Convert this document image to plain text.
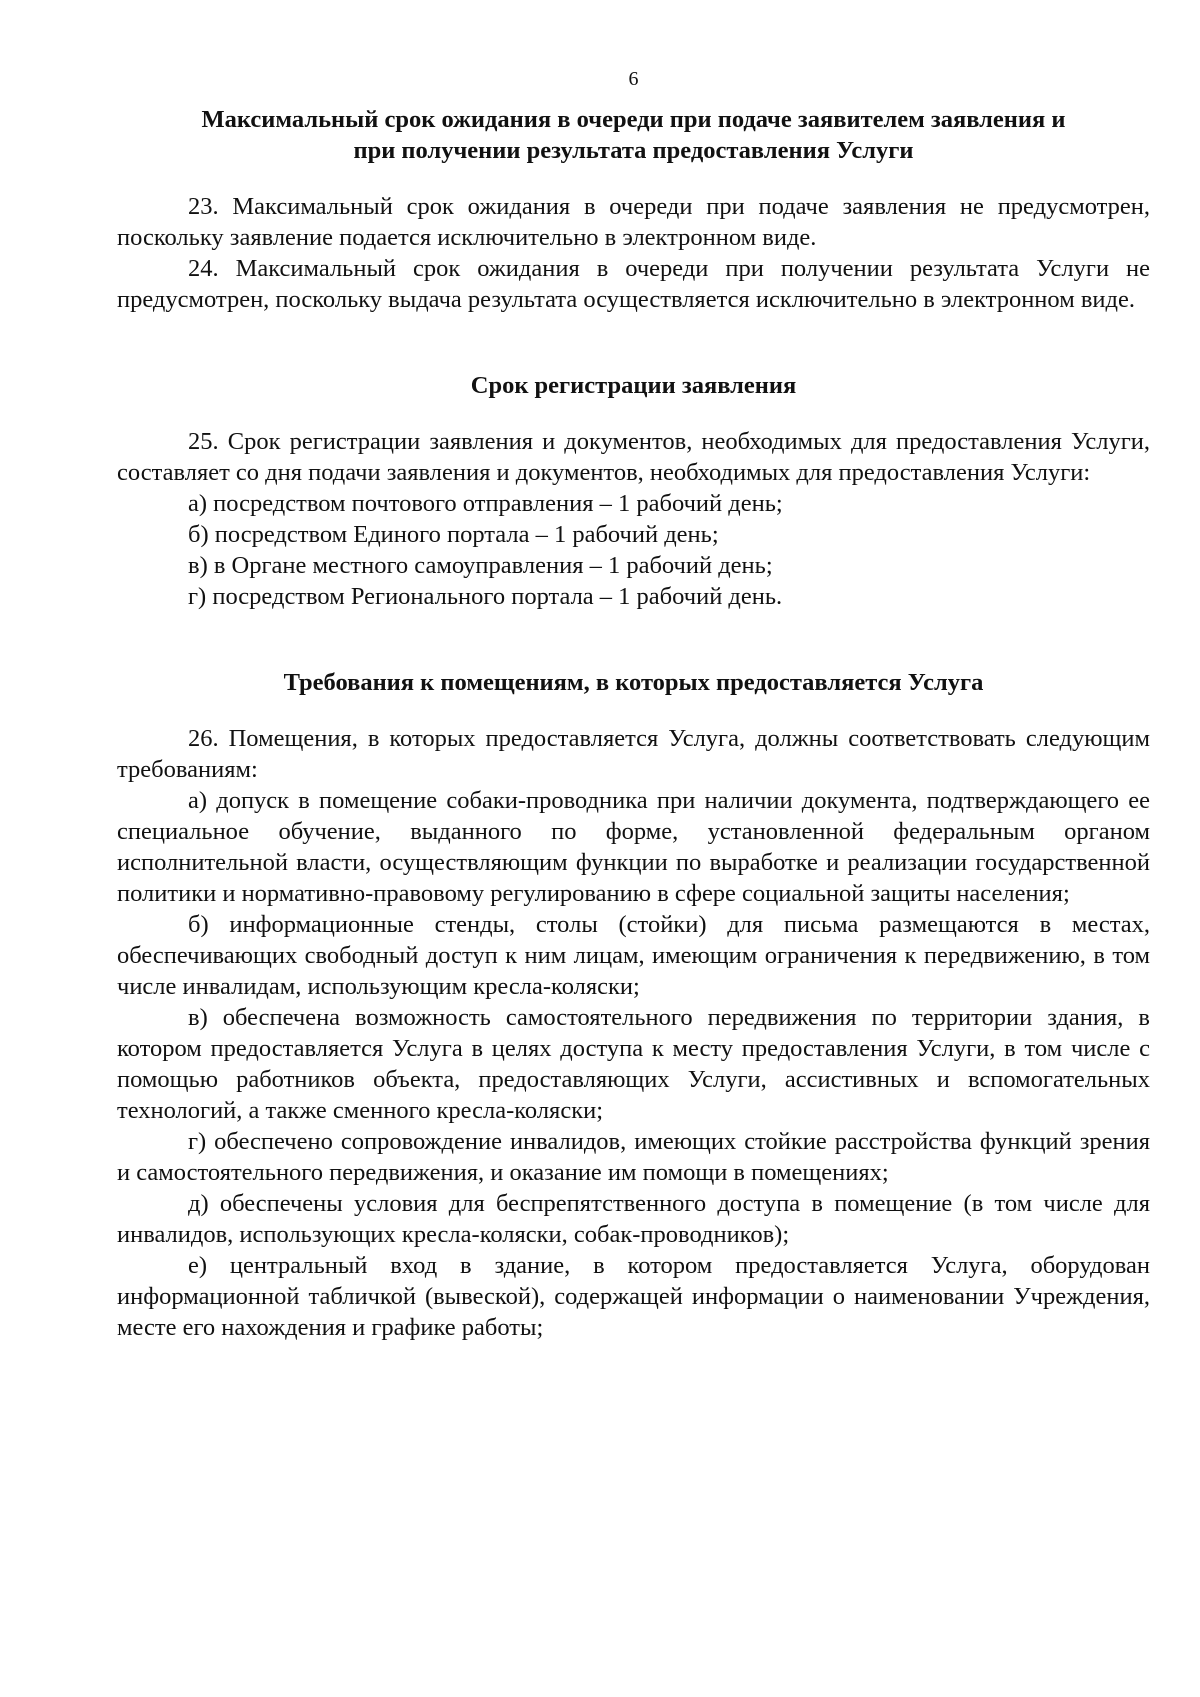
6
Максимальный срок ожидания в очереди при подаче заявителем заявления и
при получении результата предоставления Услуги

23. Максимальный срок ожидания в очереди при подаче заявления не предусмотрен, поскольку заявление подается исключительно в электронном виде.

24. Максимальный срок ожидания в очереди при получении результата Услуги не предусмотрен, поскольку выдача результата осуществляется исключительно в электронном виде.

Срок регистрации заявления

25. Срок регистрации заявления и документов, необходимых для предоставления Услуги, составляет со дня подачи заявления и документов, необходимых для предоставления Услуги:

а) посредством почтового отправления – 1 рабочий день;

б) посредством Единого портала – 1 рабочий день;

в) в Органе местного самоуправления – 1 рабочий день;

г) посредством Регионального портала – 1 рабочий день.

Требования к помещениям, в которых предоставляется Услуга

26. Помещения, в которых предоставляется Услуга, должны соответствовать следующим требованиям:

а) допуск в помещение собаки-проводника при наличии документа, подтверждающего ее специальное обучение, выданного по форме, установленной федеральным органом исполнительной власти, осуществляющим функции по выработке и реализации государственной политики и нормативно-правовому регулированию в сфере социальной защиты населения;

б) информационные стенды, столы (стойки) для письма размещаются в местах, обеспечивающих свободный доступ к ним лицам, имеющим ограничения к передвижению, в том числе инвалидам, использующим кресла-коляски;

в) обеспечена возможность самостоятельного передвижения по территории здания, в котором предоставляется Услуга в целях доступа к месту предоставления Услуги, в том числе с помощью работников объекта, предоставляющих Услуги, ассистивных и вспомогательных технологий, а также сменного кресла-коляски;

г) обеспечено сопровождение инвалидов, имеющих стойкие расстройства функций зрения и самостоятельного передвижения, и оказание им помощи в помещениях;

д) обеспечены условия для беспрепятственного доступа в помещение (в том числе для инвалидов, использующих кресла-коляски, собак-проводников);

е) центральный вход в здание, в котором предоставляется Услуга, оборудован информационной табличкой (вывеской), содержащей информации о наименовании Учреждения, месте его нахождения и графике работы;
